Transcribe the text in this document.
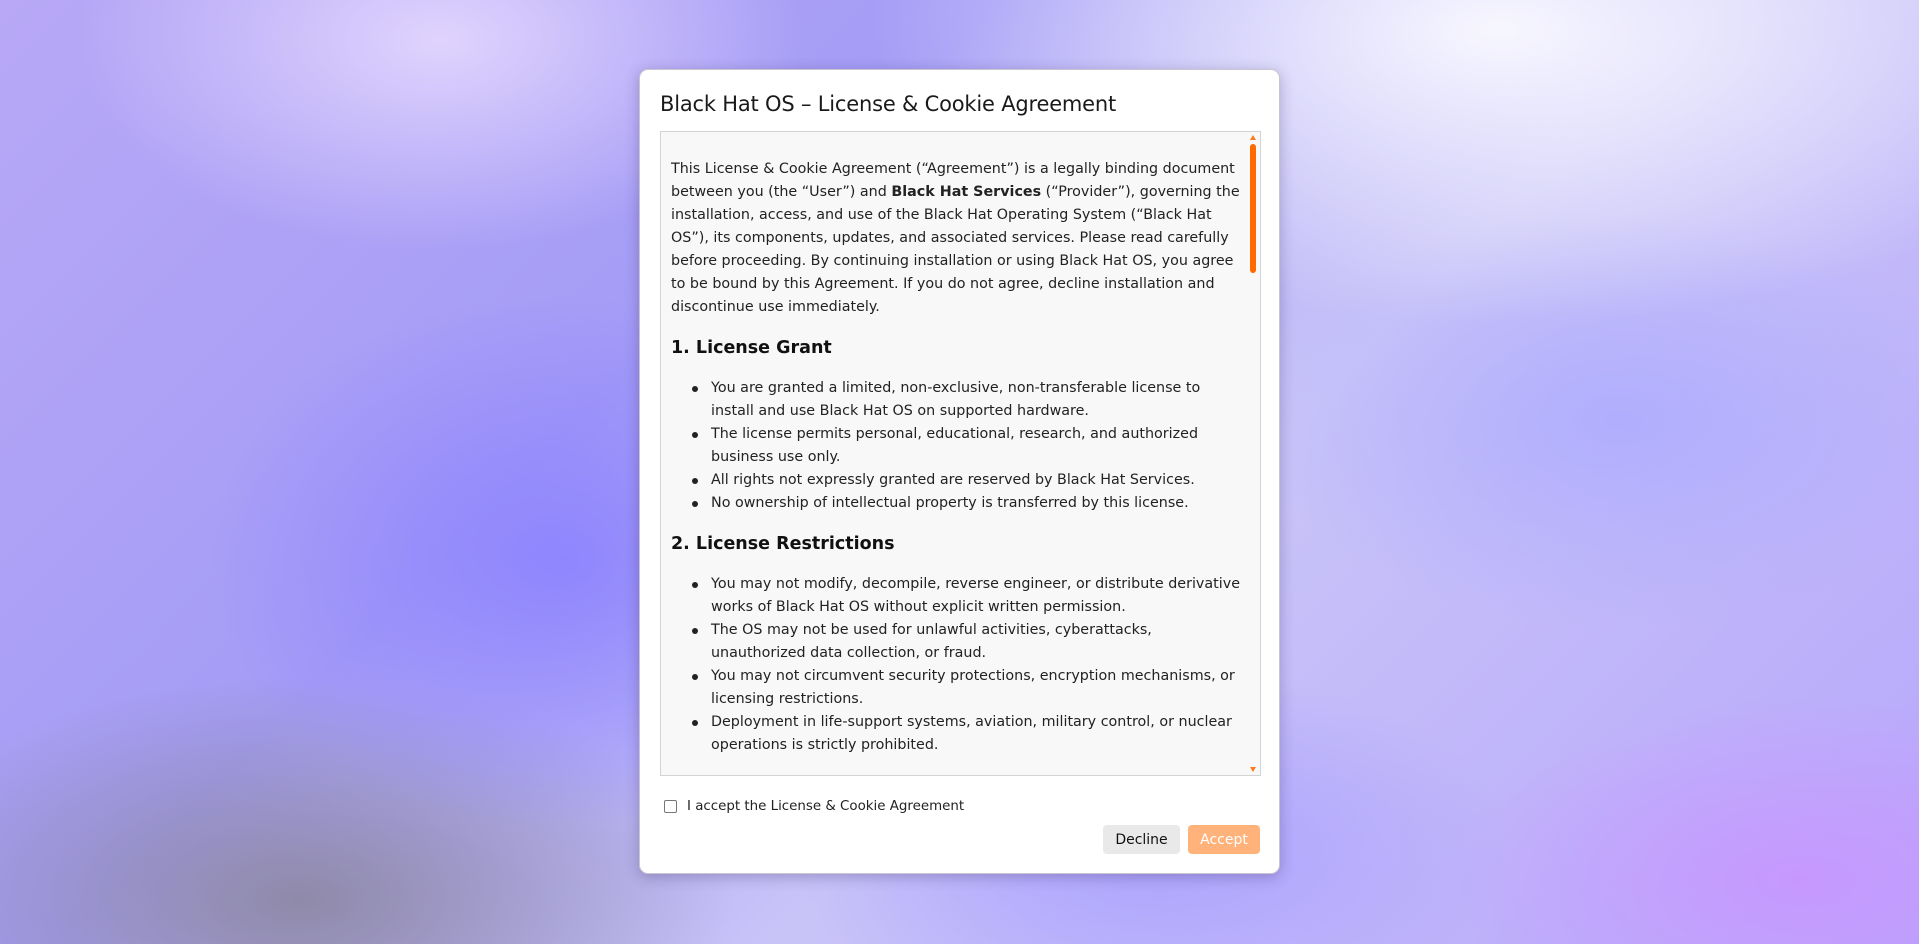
Black Hat OS – License & Cookie Agreement

This License & Cookie Agreement (“Agreement”) is a legally binding document between you (the “User”) and Black Hat Services (“Provider”), governing the installation, access, and use of the Black Hat Operating System (“Black Hat OS”), its components, updates, and associated services. Please read carefully before proceeding. By continuing installation or using Black Hat OS, you agree to be bound by this Agreement. If you do not agree, decline installation and discontinue use immediately.

1. License Grant
You are granted a limited, non-exclusive, non-transferable license to install and use Black Hat OS on supported hardware.
The license permits personal, educational, research, and authorized business use only.
All rights not expressly granted are reserved by Black Hat Services.
No ownership of intellectual property is transferred by this license.
2. License Restrictions
You may not modify, decompile, reverse engineer, or distribute derivative works of Black Hat OS without explicit written permission.
The OS may not be used for unlawful activities, cyberattacks, unauthorized data collection, or fraud.
You may not circumvent security protections, encryption mechanisms, or licensing restrictions.
Deployment in life-support systems, aviation, military control, or nuclear operations is strictly prohibited.
I accept the License & Cookie Agreement
Decline	Accept
